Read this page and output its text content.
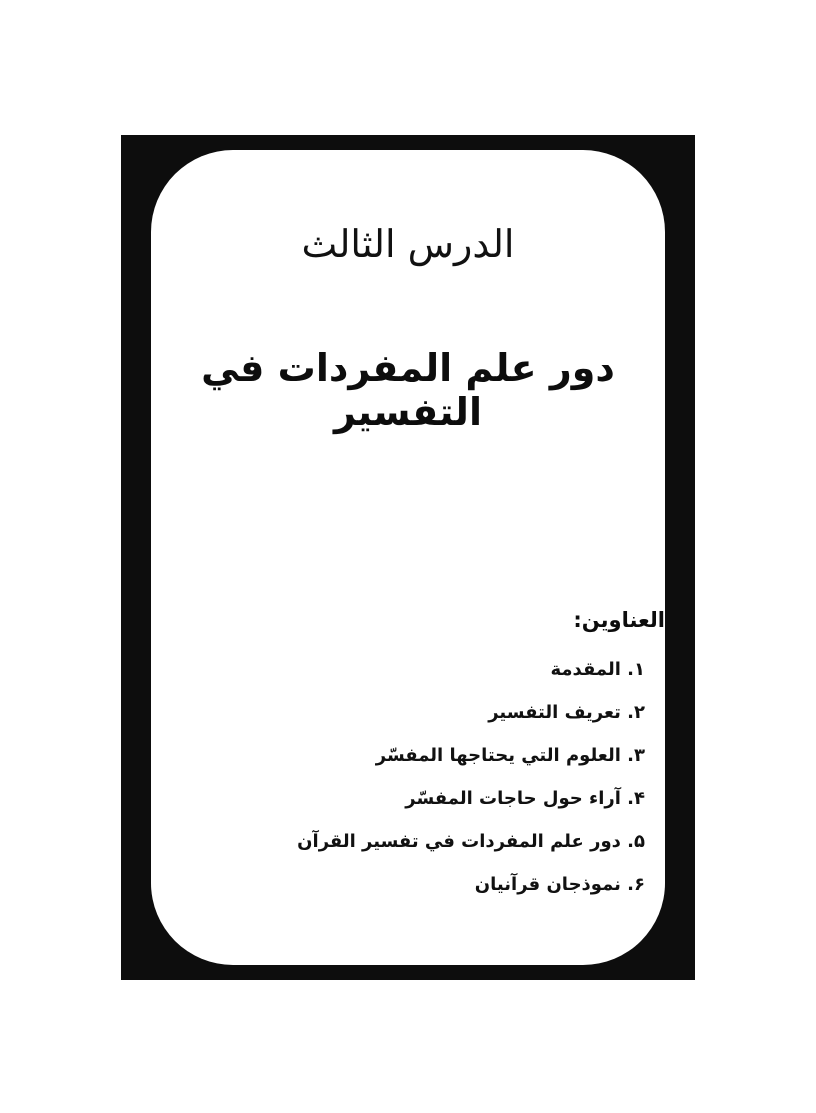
الدرس الثالث
دور علم المفردات في التفسير
العناوين:
١. المقدمة
٢. تعريف التفسير
٣. العلوم التي يحتاجها المفسّر
۴. آراء حول حاجات المفسّر
۵. دور علم المفردات في تفسير القرآن
۶. نموذجان قرآنيان
